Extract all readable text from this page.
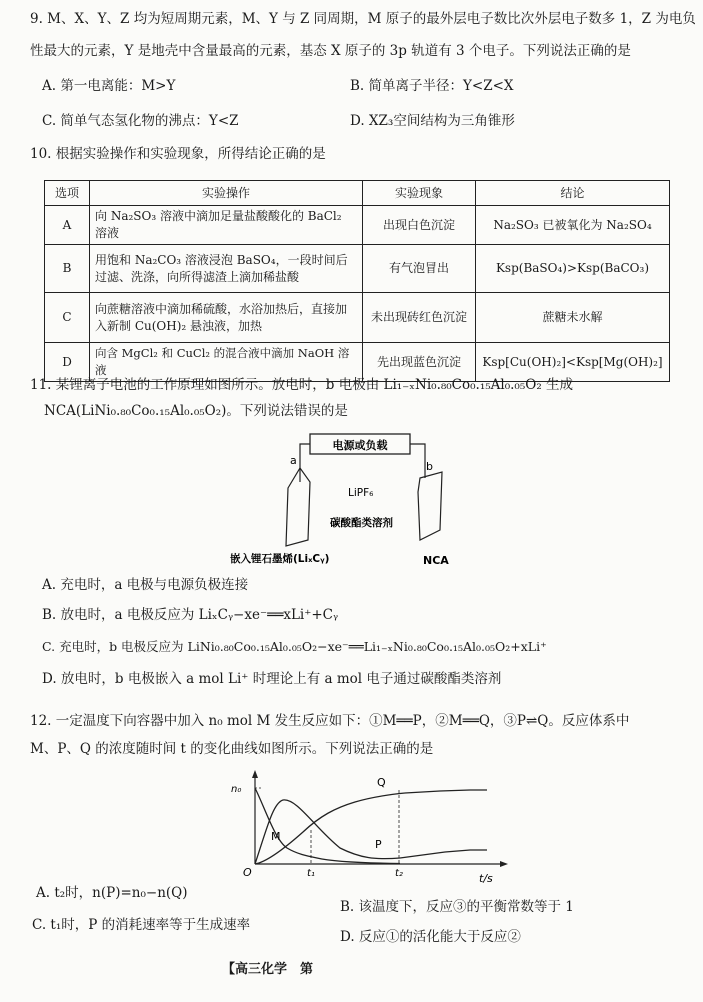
9. M、X、Y、Z 均为短周期元素，M、Y 与 Z 同周期，M 原子的最外层电子数比次外层电子数多 1，Z 为电负
性最大的元素，Y 是地壳中含量最高的元素，基态 X 原子的 3p 轨道有 3 个电子。下列说法正确的是
A. 第一电离能：M>Y	B. 简单离子半径：Y<Z<X
C. 简单气态氢化物的沸点：Y<Z	D. XZ₃空间结构为三角锥形
10. 根据实验操作和实验现象，所得结论正确的是
选项	实验操作	实验现象	结论
A	向 Na₂SO₃ 溶液中滴加足量盐酸酸化的 BaCl₂ 溶液	出现白色沉淀	Na₂SO₃ 已被氧化为 Na₂SO₄
B	用饱和 Na₂CO₃ 溶液浸泡 BaSO₄，一段时间后过滤、洗涤，向所得滤渣上滴加稀盐酸	有气泡冒出	Ksp(BaSO₄)>Ksp(BaCO₃)
C	向蔗糖溶液中滴加稀硫酸，水浴加热后，直接加入新制 Cu(OH)₂ 悬浊液，加热	未出现砖红色沉淀	蔗糖未水解
D	向含 MgCl₂ 和 CuCl₂ 的混合液中滴加 NaOH 溶液	先出现蓝色沉淀	Ksp[Cu(OH)₂]<Ksp[Mg(OH)₂]
11. 某锂离子电池的工作原理如图所示。放电时，b 电极由 Li₁₋ₓNi₀.₈₀Co₀.₁₅Al₀.₀₅O₂ 生成
NCA(LiNi₀.₈₀Co₀.₁₅Al₀.₀₅O₂)。下列说法错误的是
电源或负载
a	b
LiPF₆
碳酸酯类溶剂
嵌入锂石墨烯(LiₓCᵧ)	NCA
A. 充电时，a 电极与电源负极连接
B. 放电时，a 电极反应为 LiₓCᵧ−xe⁻══xLi⁺+Cᵧ
C. 充电时，b 电极反应为 LiNi₀.₈₀Co₀.₁₅Al₀.₀₅O₂−xe⁻══Li₁₋ₓNi₀.₈₀Co₀.₁₅Al₀.₀₅O₂+xLi⁺
D. 放电时，b 电极嵌入 a mol Li⁺ 时理论上有 a mol 电子通过碳酸酯类溶剂
12. 一定温度下向容器中加入 n₀ mol M 发生反应如下：①M══P，②M══Q，③P⇌Q。反应体系中
M、P、Q 的浓度随时间 t 的变化曲线如图所示。下列说法正确的是
n₀
O	t₁	t₂	t/s
M
P
Q
A. t₂时，n(P)=n₀−n(Q)
B. 该温度下，反应③的平衡常数等于 1
C. t₁时，P 的消耗速率等于生成速率
D. 反应①的活化能大于反应②
【高三化学　第
